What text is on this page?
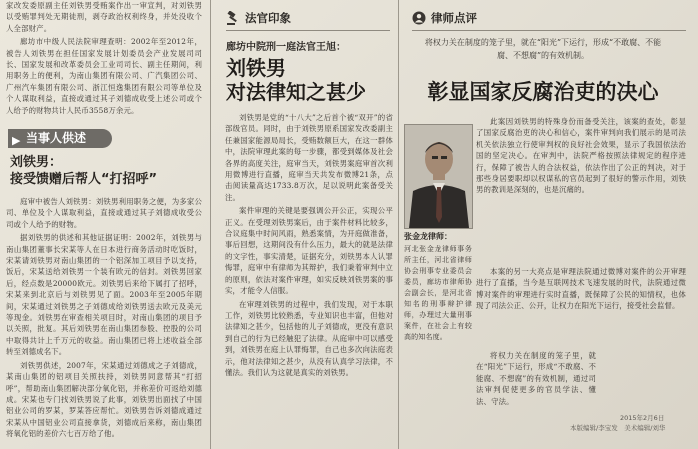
家改发委原副主任刘铁男受贿案作出一审宣判，对刘铁男以受贿罪判处无期徒刑，剥夺政治权利终身，并处没收个人全部财产。

廊坊市中级人民法院审理查明：2002年至2012年，被告人刘铁男在担任国家发展计划委员会产业发展司司长、国家发展和改革委员会工业司司长、副主任期间，利用职务上的便利，为南山集团有限公司、广汽集团公司、广州汽车集团有限公司、浙江恒逸集团有限公司等单位及个人谋取利益，直接或通过其子刘德成收受上述公司或个人给予的财物共计人民币3558万余元。

▶ 当事人供述
刘铁男：
接受馈赠后帮人“打招呼”

庭审中被告人刘铁男：刘铁男利用职务之便，为多家公司、单位及个人谋取利益，直接或通过其子刘德成收受公司或个人给予的财物。

据刘铁男的供述和其他证据证明：2002年，刘铁男与南山集团董事长宋某等人在日本进行商务活动时吃饭时，宋某请刘铁男对南山集团的一个铝深加工项目予以支持，饭后，宋某送给刘铁男一个装有欧元的信封。刘铁男回家后，经点数是20000欧元。刘铁男后来给下属打了招呼，宋某来到北京后与刘铁男见了面。2003年至2005年期间，宋某通过刘铁男之子刘德成给刘铁男送去欧元及美元等现金。刘铁男在审查相关项目时，对南山集团的项目予以关照，批复。其后刘铁男在南山集团参股、控股的公司中取得共计上千万元的收益。南山集团已将上述收益全部转至刘德成名下。

刘铁男供述，2007年，宋某通过刘德成之子刘德成，某南山集团的铝项目关照扶持，刘铁男同意帮其“打招呼”，帮助南山集团解决部分氧化铝，并称差价可返给刘德成。宋某也专门找刘铁男说了此事，刘铁男出面找了中国铝业公司的罗某，罗某答应帮忙。刘铁男告诉刘德成通过宋某从中国铝业公司直接拿货，刘德成后来称，南山集团将氧化铝的差价六七百万给了他。

法官印象
廊坊中院刑一庭法官王旭：
刘铁男
对法律知之甚少

刘铁男是党的“十八大”之后首个被“双开”的省部级官员。同时，由于刘铁男原系国家发改委副主任兼国家能源局局长，受贿数额巨大，在这一群体中，法院审理此案的每一步骤，都受到媒体及社会各界的高度关注，庭审当天，刘铁男案庭审首次利用微博进行直播，庭审当天共发布微博21条，点击阅读量高达1733.8万次，足以说明此案备受关注。

案件审理的关键是要强调公开公正，实现公平正义。在受理刘铁男案后，由于案件材料比较多，合议庭集中时间风雨，熟悉案情，为开庭做准备，事后回想，这期间没有什么压力，最大的就是法律的文字性，事实清楚，证据充分，刘铁男本人认罪悔罪，庭审中有律师为其辩护，我们秉着审判中立的原则，依法对案件审理，如实反映刘铁男案的事实，才能令人信服。

在审理刘铁男的过程中，我们发现，对于本职工作，刘铁男比较熟悉，专业知识也丰富，但他对法律知之甚少，包括他的儿子刘德成，更没有意识到自己的行为已经触犯了法律。从庭审中可以感受到，刘铁男在庭上认罪悔罪，自己也多次向法庭表示，他对法律知之甚少，从没有认真学习法律，不懂法。我们认为这就是真实的刘铁男。

律师点评
将权力关在制度的笼子里，就在“阳光”下运行，形成“不敢腐、不能腐、不想腐”的有效机制。
彰显国家反腐治吏的决心

此案因刘铁男的特殊身份而备受关注，该案的查处，彰显了国家反腐治吏的决心和信心，案件审判向我们展示的是司法机关依法独立行使审判权的良好社会效果，显示了我国依法治国的坚定决心。在审判中，法院严格按照法律规定的程序进行，保障了被告人的合法权益，依法作出了公正的判决，对于那些身居要职却以权谋私的官员起到了很好的警示作用，刘铁男的教训是深刻的，也是沉痛的。

张金龙律师：

河北张金龙律师事务所主任，河北省律师协会刑事专业委员会委员，廊坊市律师协会副会长，是河北省知名的刑事辩护律师，办理过大量刑事案件，在社会上有较高的知名度。

本案的另一大亮点是审理法院通过微博对案件的公开审理进行了直播，当今是互联网技术飞速发展的时代，法院通过微博对案件的审理进行实时直播，既保障了公民的知情权，也体现了司法公正、公开，让权力在阳光下运行，接受社会监督。

将权力关在制度的笼子里，就在“阳光”下运行，形成“不敢腐、不能腐、不想腐”的有效机制，通过司法审判促使更多的官员学法、懂法、守法。

2015年2月6日
本版编辑/李宝发　美术编辑/刘华
